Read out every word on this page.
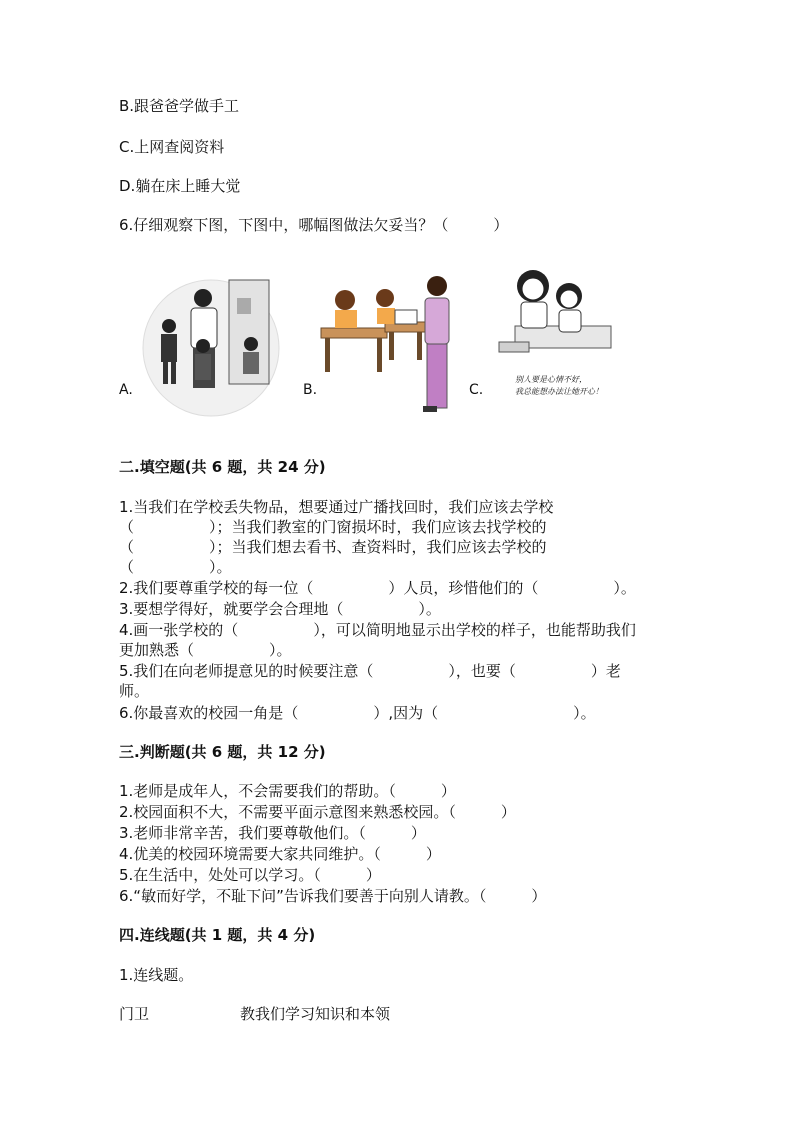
B.跟爸爸学做手工
C.上网查阅资料
D.躺在床上睡大觉
6.仔细观察下图，下图中，哪幅图做法欠妥当？（　　　）
A.	B.	C.
别人要是心情不好，
我总能想办法让她开心！
二.填空题(共 6 题，共 24 分)
1.当我们在学校丢失物品，想要通过广播找回时，我们应该去学校
（　　　　　）；当我们教室的门窗损坏时，我们应该去找学校的
（　　　　　）；当我们想去看书、查资料时，我们应该去学校的
（　　　　　）。
2.我们要尊重学校的每一位（　　　　　）人员，珍惜他们的（　　　　　）。
3.要想学得好，就要学会合理地（　　　　　）。
4.画一张学校的（　　　　　），可以简明地显示出学校的样子，也能帮助我们
更加熟悉（　　　　　）。
5.我们在向老师提意见的时候要注意（　　　　　），也要（　　　　　）老
师。
6.你最喜欢的校园一角是（　　　　　）,因为（　　　　　　　　　）。
三.判断题(共 6 题，共 12 分)
1.老师是成年人，不会需要我们的帮助。（　　　）
2.校园面积不大，不需要平面示意图来熟悉校园。（　　　）
3.老师非常辛苦，我们要尊敬他们。（　　　）
4.优美的校园环境需要大家共同维护。（　　　）
5.在生活中，处处可以学习。（　　　）
6.“敏而好学，不耻下问”告诉我们要善于向别人请教。（　　　）
四.连线题(共 1 题，共 4 分)
1.连线题。
门卫	教我们学习知识和本领
